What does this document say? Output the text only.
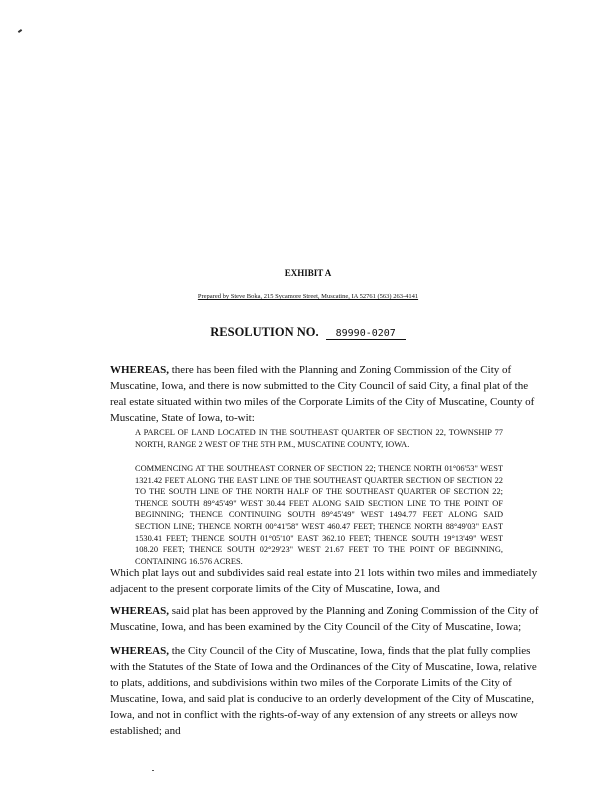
EXHIBIT A
Prepared by Steve Boka, 215 Sycamore Street, Muscatine, IA 52761 (563) 263-4141
RESOLUTION NO. 89990-0207
WHEREAS, there has been filed with the Planning and Zoning Commission of the City of
Muscatine, Iowa, and there is now submitted to the City Council of said City, a final plat of the
real estate situated within two miles of the Corporate Limits of the City of Muscatine, County of
Muscatine, State of Iowa, to-wit:
A PARCEL OF LAND LOCATED IN THE SOUTHEAST QUARTER OF SECTION 22, TOWNSHIP 77
NORTH, RANGE 2 WEST OF THE 5TH P.M., MUSCATINE COUNTY, IOWA.
COMMENCING AT THE SOUTHEAST CORNER OF SECTION 22; THENCE NORTH 01°06'53" WEST
1321.42 FEET ALONG THE EAST LINE OF THE SOUTHEAST QUARTER SECTION OF SECTION 22
TO THE SOUTH LINE OF THE NORTH HALF OF THE SOUTHEAST QUARTER OF SECTION 22;
THENCE SOUTH 89°45'49" WEST 30.44 FEET ALONG SAID SECTION LINE TO THE POINT OF
BEGINNING; THENCE CONTINUING SOUTH 89°45'49" WEST 1494.77 FEET ALONG SAID
SECTION LINE; THENCE NORTH 00°41'58" WEST 460.47 FEET; THENCE NORTH 88°49'03" EAST
1530.41 FEET; THENCE SOUTH 01°05'10" EAST 362.10 FEET; THENCE SOUTH 19°13'49" WEST
108.20 FEET; THENCE SOUTH 02°29'23" WEST 21.67 FEET TO THE POINT OF BEGINNING,
CONTAINING 16.576 ACRES.
Which plat lays out and subdivides said real estate into 21 lots within two miles and immediately
adjacent to the present corporate limits of the City of Muscatine, Iowa, and
WHEREAS, said plat has been approved by the Planning and Zoning Commission of the City of
Muscatine, Iowa, and has been examined by the City Council of the City of Muscatine, Iowa;
WHEREAS, the City Council of the City of Muscatine, Iowa, finds that the plat fully complies
with the Statutes of the State of Iowa and the Ordinances of the City of Muscatine, Iowa, relative
to plats, additions, and subdivisions within two miles of the Corporate Limits of the City of
Muscatine, Iowa, and said plat is conducive to an orderly development of the City of Muscatine,
Iowa, and not in conflict with the rights-of-way of any extension of any streets or alleys now
established; and
